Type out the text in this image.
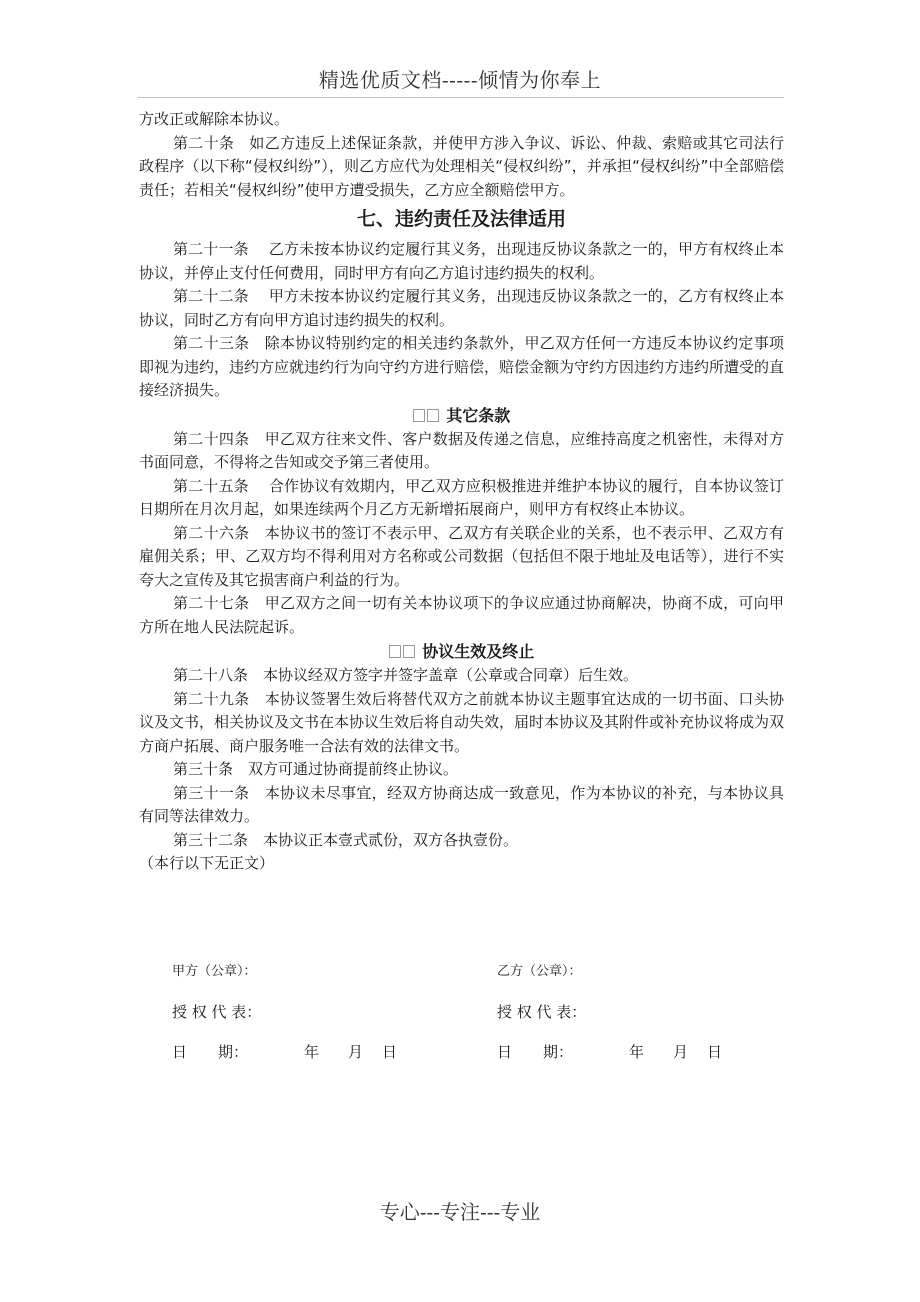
精选优质文档-----倾情为你奉上

方改正或解除本协议。

第二十条　如乙方违反上述保证条款，并使甲方涉入争议、诉讼、仲裁、索赔或其它司法行政程序（以下称“侵权纠纷”），则乙方应代为处理相关“侵权纠纷”，并承担“侵权纠纷”中全部赔偿责任；若相关“侵权纠纷”使甲方遭受损失，乙方应全额赔偿甲方。

七、违约责任及法律适用

第二十一条　 乙方未按本协议约定履行其义务，出现违反协议条款之一的，甲方有权终止本协议，并停止支付任何费用，同时甲方有向乙方追讨违约损失的权利。

第二十二条　 甲方未按本协议约定履行其义务，出现违反协议条款之一的，乙方有权终止本协议，同时乙方有向甲方追讨违约损失的权利。

第二十三条　除本协议特别约定的相关违约条款外，甲乙双方任何一方违反本协议约定事项即视为违约，违约方应就违约行为向守约方进行赔偿，赔偿金额为守约方因违约方违约所遭受的直接经济损失。

其它条款

第二十四条　甲乙双方往来文件、客户数据及传递之信息，应维持高度之机密性，未得对方书面同意，不得将之告知或交予第三者使用。

第二十五条　 合作协议有效期内，甲乙双方应积极推进并维护本协议的履行，自本协议签订日期所在月次月起，如果连续两个月乙方无新增拓展商户，则甲方有权终止本协议。

第二十六条　本协议书的签订不表示甲、乙双方有关联企业的关系，也不表示甲、乙双方有雇佣关系；甲、乙双方均不得利用对方名称或公司数据（包括但不限于地址及电话等），进行不实夸大之宣传及其它损害商户利益的行为。

第二十七条　甲乙双方之间一切有关本协议项下的争议应通过协商解决，协商不成，可向甲方所在地人民法院起诉。

协议生效及终止

第二十八条　本协议经双方签字并签字盖章（公章或合同章）后生效。

第二十九条　本协议签署生效后将替代双方之前就本协议主题事宜达成的一切书面、口头协议及文书，相关协议及文书在本协议生效后将自动失效，届时本协议及其附件或补充协议将成为双方商户拓展、商户服务唯一合法有效的法律文书。

第三十条　双方可通过协商提前终止协议。

第三十一条　本协议未尽事宜，经双方协商达成一致意见，作为本协议的补充，与本协议具有同等法律效力。

第三十二条　本协议正本壹式贰份，双方各执壹份。

（本行以下无正文）

甲方（公章）：
授 权 代 表：
日 期：	年 月 日
乙方（公章）：
授 权 代 表：
日 期：	年 月 日
专心---专注---专业
